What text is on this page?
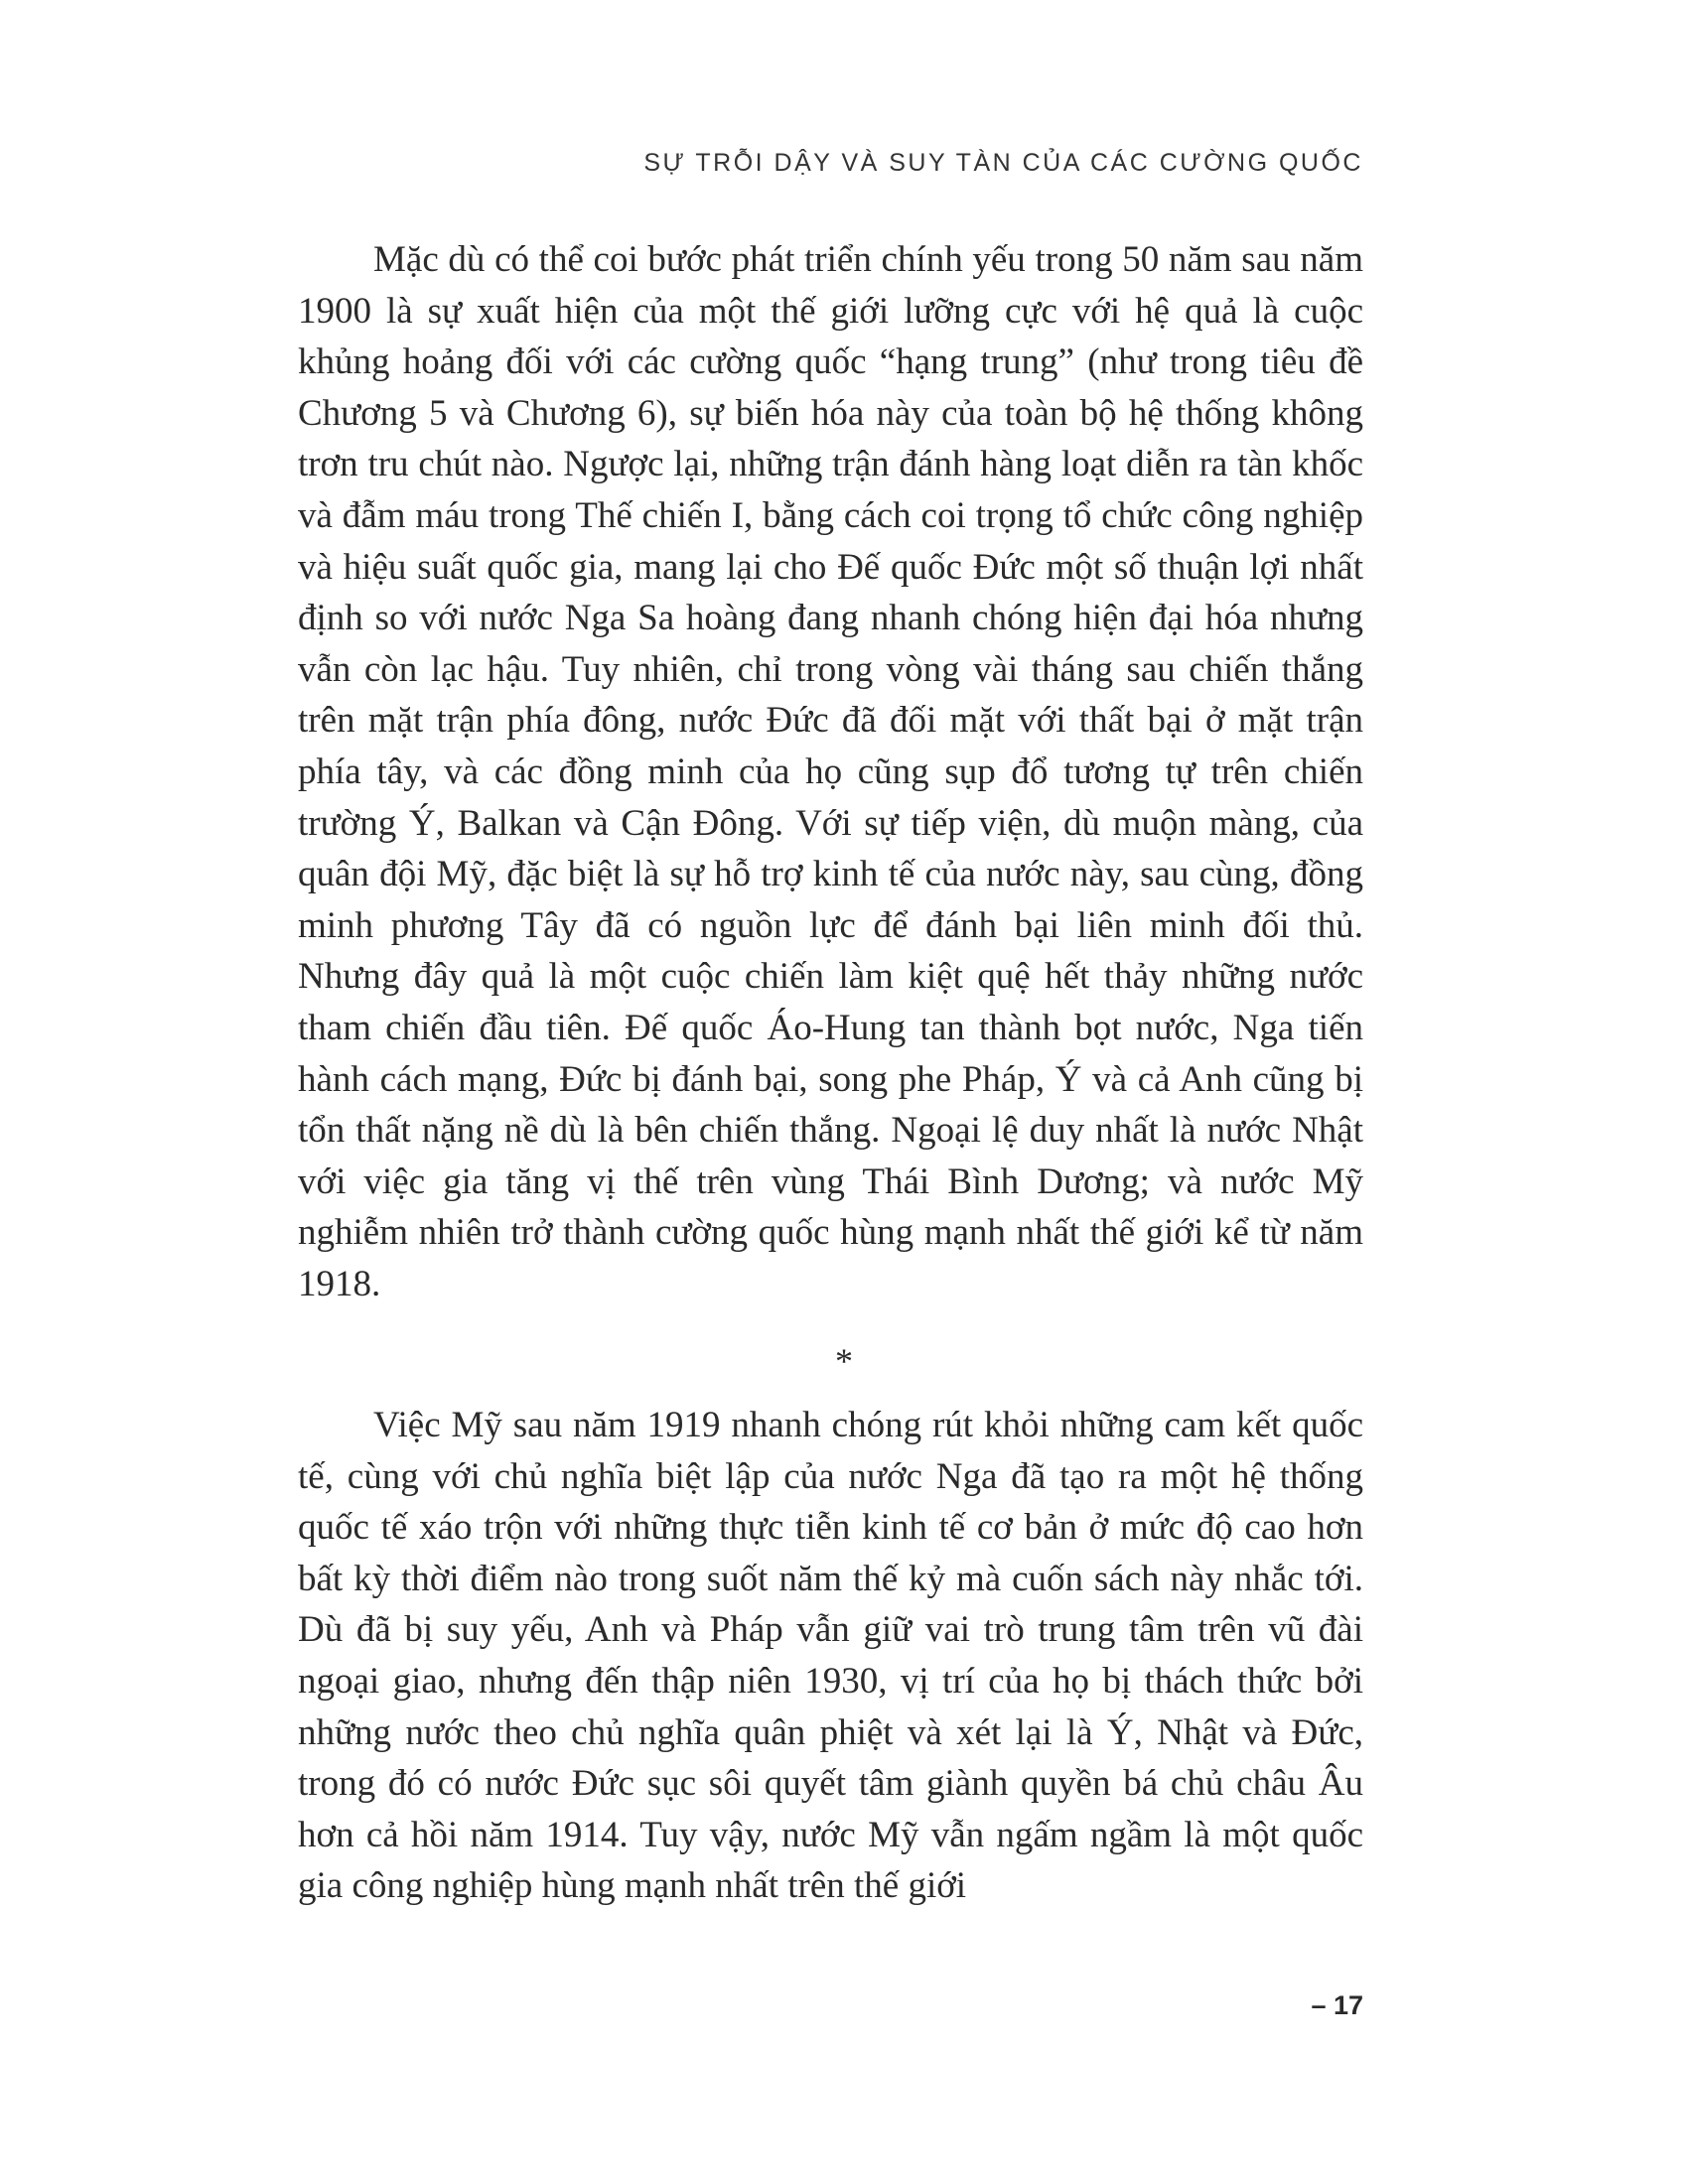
SỰ TRỖI DẬY VÀ SUY TÀN CỦA CÁC CƯỜNG QUỐC

Mặc dù có thể coi bước phát triển chính yếu trong 50 năm sau năm 1900 là sự xuất hiện của một thế giới lưỡng cực với hệ quả là cuộc khủng hoảng đối với các cường quốc “hạng trung” (như trong tiêu đề Chương 5 và Chương 6), sự biến hóa này của toàn bộ hệ thống không trơn tru chút nào. Ngược lại, những trận đánh hàng loạt diễn ra tàn khốc và đẫm máu trong Thế chiến I, bằng cách coi trọng tổ chức công nghiệp và hiệu suất quốc gia, mang lại cho Đế quốc Đức một số thuận lợi nhất định so với nước Nga Sa hoàng đang nhanh chóng hiện đại hóa nhưng vẫn còn lạc hậu. Tuy nhiên, chỉ trong vòng vài tháng sau chiến thắng trên mặt trận phía đông, nước Đức đã đối mặt với thất bại ở mặt trận phía tây, và các đồng minh của họ cũng sụp đổ tương tự trên chiến trường Ý, Balkan và Cận Đông. Với sự tiếp viện, dù muộn màng, của quân đội Mỹ, đặc biệt là sự hỗ trợ kinh tế của nước này, sau cùng, đồng minh phương Tây đã có nguồn lực để đánh bại liên minh đối thủ. Nhưng đây quả là một cuộc chiến làm kiệt quệ hết thảy những nước tham chiến đầu tiên. Đế quốc Áo-Hung tan thành bọt nước, Nga tiến hành cách mạng, Đức bị đánh bại, song phe Pháp, Ý và cả Anh cũng bị tổn thất nặng nề dù là bên chiến thắng. Ngoại lệ duy nhất là nước Nhật với việc gia tăng vị thế trên vùng Thái Bình Dương; và nước Mỹ nghiễm nhiên trở thành cường quốc hùng mạnh nhất thế giới kể từ năm 1918.

*

Việc Mỹ sau năm 1919 nhanh chóng rút khỏi những cam kết quốc tế, cùng với chủ nghĩa biệt lập của nước Nga đã tạo ra một hệ thống quốc tế xáo trộn với những thực tiễn kinh tế cơ bản ở mức độ cao hơn bất kỳ thời điểm nào trong suốt năm thế kỷ mà cuốn sách này nhắc tới. Dù đã bị suy yếu, Anh và Pháp vẫn giữ vai trò trung tâm trên vũ đài ngoại giao, nhưng đến thập niên 1930, vị trí của họ bị thách thức bởi những nước theo chủ nghĩa quân phiệt và xét lại là Ý, Nhật và Đức, trong đó có nước Đức sục sôi quyết tâm giành quyền bá chủ châu Âu hơn cả hồi năm 1914. Tuy vậy, nước Mỹ vẫn ngấm ngầm là một quốc gia công nghiệp hùng mạnh nhất trên thế giới

– 17
